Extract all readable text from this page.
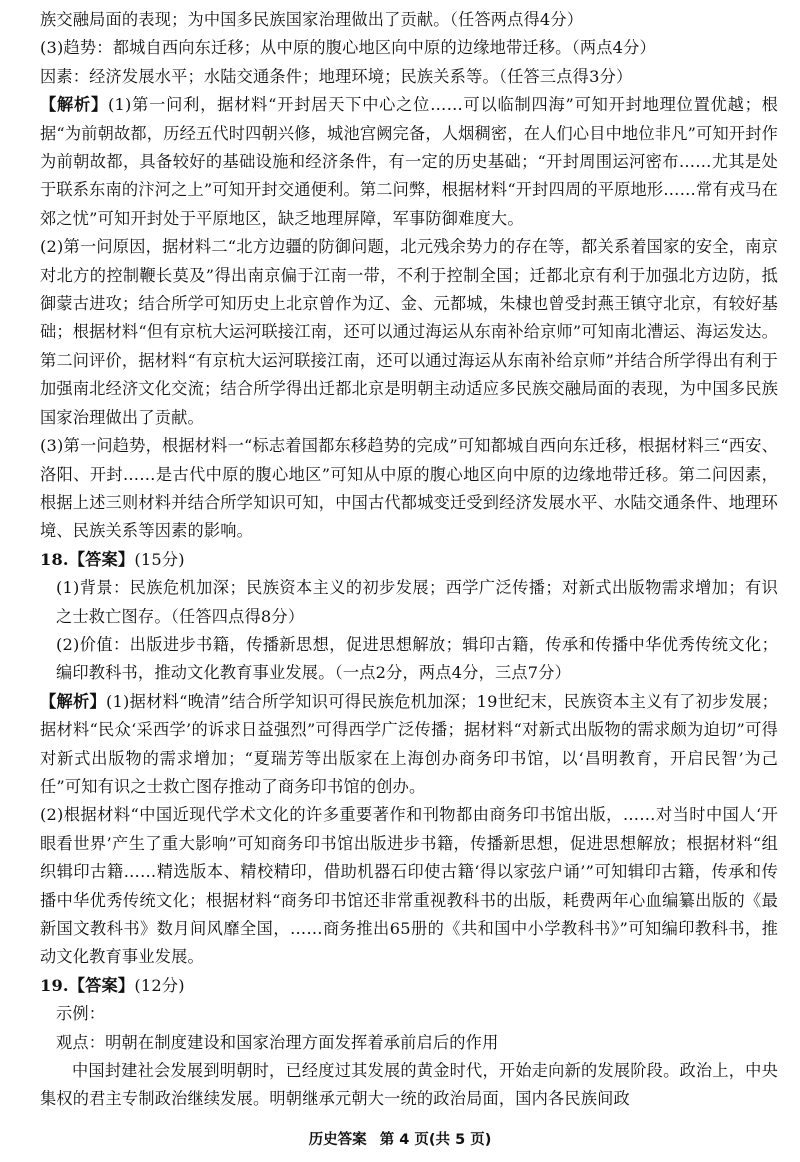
族交融局面的表现；为中国多民族国家治理做出了贡献。（任答两点得4分）

(3)趋势：都城自西向东迁移；从中原的腹心地区向中原的边缘地带迁移。（两点4分）

因素：经济发展水平；水陆交通条件；地理环境；民族关系等。（任答三点得3分）

【解析】(1)第一问利，据材料“开封居天下中心之位……可以临制四海”可知开封地理位置优越；根据“为前朝故都，历经五代时四朝兴修，城池宫阙完备，人烟稠密，在人们心目中地位非凡”可知开封作为前朝故都，具备较好的基础设施和经济条件，有一定的历史基础；“开封周围运河密布……尤其是处于联系东南的汴河之上”可知开封交通便利。第二问弊，根据材料“开封四周的平原地形……常有戎马在郊之忧”可知开封处于平原地区，缺乏地理屏障，军事防御难度大。

(2)第一问原因，据材料二“北方边疆的防御问题，北元残余势力的存在等，都关系着国家的安全，南京对北方的控制鞭长莫及”得出南京偏于江南一带，不利于控制全国；迁都北京有利于加强北方边防，抵御蒙古进攻；结合所学可知历史上北京曾作为辽、金、元都城，朱棣也曾受封燕王镇守北京，有较好基础；根据材料“但有京杭大运河联接江南，还可以通过海运从东南补给京师”可知南北漕运、海运发达。第二问评价，据材料“有京杭大运河联接江南，还可以通过海运从东南补给京师”并结合所学得出有利于加强南北经济文化交流；结合所学得出迁都北京是明朝主动适应多民族交融局面的表现，为中国多民族国家治理做出了贡献。

(3)第一问趋势，根据材料一“标志着国都东移趋势的完成”可知都城自西向东迁移，根据材料三“西安、洛阳、开封……是古代中原的腹心地区”可知从中原的腹心地区向中原的边缘地带迁移。第二问因素，根据上述三则材料并结合所学知识可知，中国古代都城变迁受到经济发展水平、水陆交通条件、地理环境、民族关系等因素的影响。

18.【答案】(15分)

(1)背景：民族危机加深；民族资本主义的初步发展；西学广泛传播；对新式出版物需求增加；有识之士救亡图存。（任答四点得8分）

(2)价值：出版进步书籍，传播新思想，促进思想解放；辑印古籍，传承和传播中华优秀传统文化；编印教科书，推动文化教育事业发展。（一点2分，两点4分，三点7分）

【解析】(1)据材料“晚清”结合所学知识可得民族危机加深；19世纪末，民族资本主义有了初步发展；据材料“民众‘采西学’的诉求日益强烈”可得西学广泛传播；据材料“对新式出版物的需求颇为迫切”可得对新式出版物的需求增加；“夏瑞芳等出版家在上海创办商务印书馆，以‘昌明教育，开启民智’为己任”可知有识之士救亡图存推动了商务印书馆的创办。

(2)根据材料“中国近现代学术文化的许多重要著作和刊物都由商务印书馆出版，……对当时中国人‘开眼看世界’产生了重大影响”可知商务印书馆出版进步书籍，传播新思想，促进思想解放；根据材料“组织辑印古籍……精选版本、精校精印，借助机器石印使古籍‘得以家弦户诵’”可知辑印古籍，传承和传播中华优秀传统文化；根据材料“商务印书馆还非常重视教科书的出版，耗费两年心血编纂出版的《最新国文教科书》数月间风靡全国，……商务推出65册的《共和国中小学教科书》”可知编印教科书，推动文化教育事业发展。

19.【答案】(12分)

示例：

观点：明朝在制度建设和国家治理方面发挥着承前启后的作用

中国封建社会发展到明朝时，已经度过其发展的黄金时代，开始走向新的发展阶段。政治上，中央集权的君主专制政治继续发展。明朝继承元朝大一统的政治局面，国内各民族间政

历史答案 第 4 页(共 5 页)
